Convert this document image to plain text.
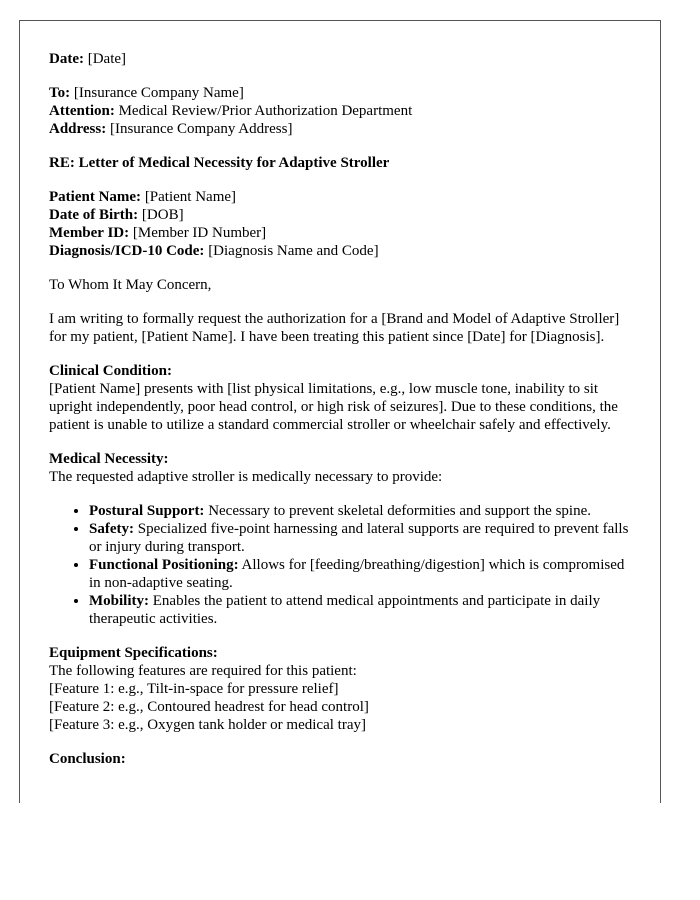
Date: [Date]

To: [Insurance Company Name]
Attention: Medical Review/Prior Authorization Department
Address: [Insurance Company Address]

RE: Letter of Medical Necessity for Adaptive Stroller

Patient Name: [Patient Name]
Date of Birth: [DOB]
Member ID: [Member ID Number]
Diagnosis/ICD-10 Code: [Diagnosis Name and Code]

To Whom It May Concern,

I am writing to formally request the authorization for a [Brand and Model of Adaptive Stroller] for my patient, [Patient Name]. I have been treating this patient since [Date] for [Diagnosis].

Clinical Condition:
[Patient Name] presents with [list physical limitations, e.g., low muscle tone, inability to sit upright independently, poor head control, or high risk of seizures]. Due to these conditions, the patient is unable to utilize a standard commercial stroller or wheelchair safely and effectively.

Medical Necessity:
The requested adaptive stroller is medically necessary to provide:

• Postural Support: Necessary to prevent skeletal deformities and support the spine.
• Safety: Specialized five-point harnessing and lateral supports are required to prevent falls or injury during transport.
• Functional Positioning: Allows for [feeding/breathing/digestion] which is compromised in non-adaptive seating.
• Mobility: Enables the patient to attend medical appointments and participate in daily therapeutic activities.

Equipment Specifications:
The following features are required for this patient:
[Feature 1: e.g., Tilt-in-space for pressure relief]
[Feature 2: e.g., Contoured headrest for head control]
[Feature 3: e.g., Oxygen tank holder or medical tray]

Conclusion:
